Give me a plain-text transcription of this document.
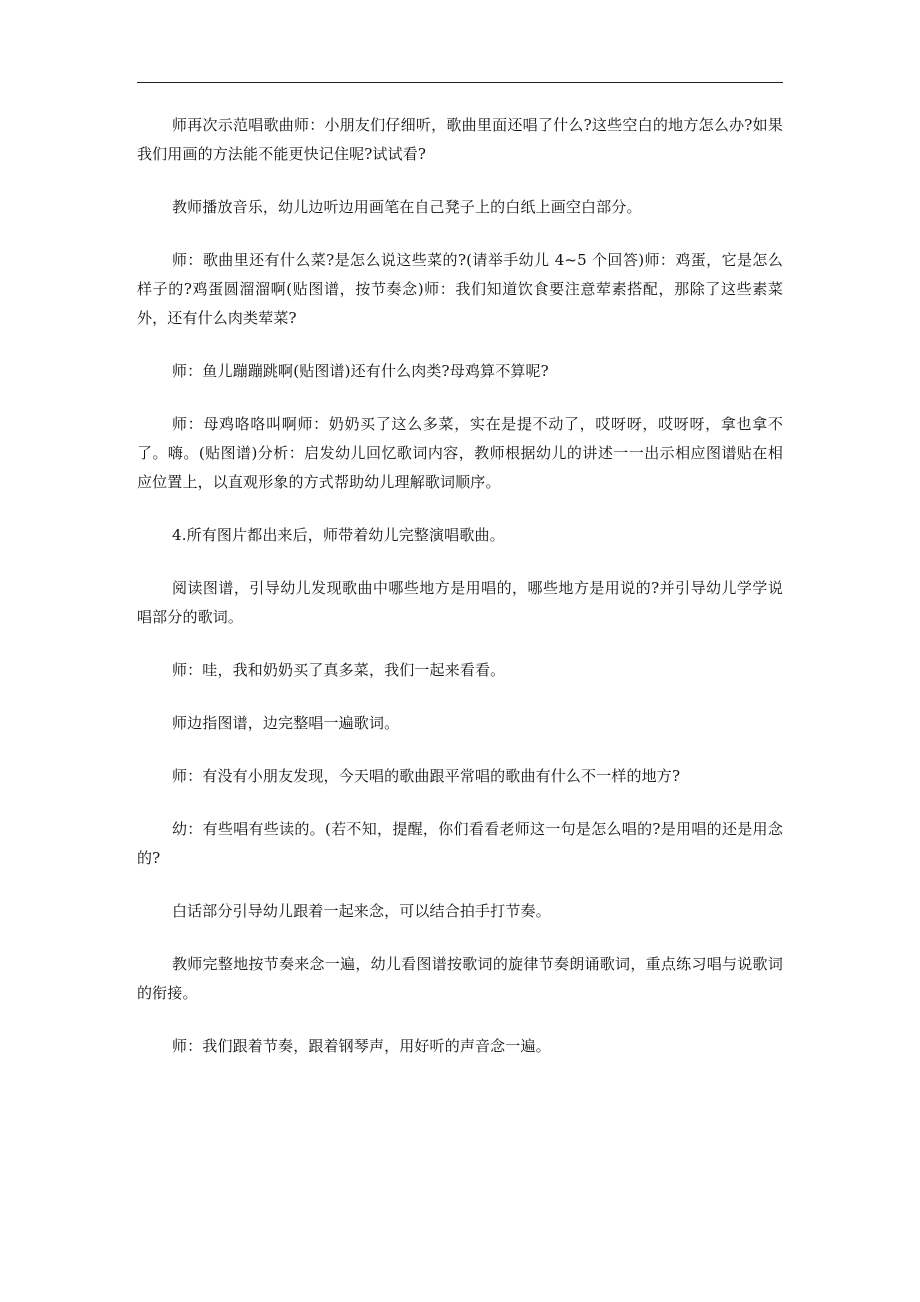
师再次示范唱歌曲师：小朋友们仔细听，歌曲里面还唱了什么?这些空白的地方怎么办?如果我们用画的方法能不能更快记住呢?试试看?

教师播放音乐，幼儿边听边用画笔在自己凳子上的白纸上画空白部分。

师：歌曲里还有什么菜?是怎么说这些菜的?(请举手幼儿 4~5 个回答)师：鸡蛋，它是怎么样子的?鸡蛋圆溜溜啊(贴图谱，按节奏念)师：我们知道饮食要注意荤素搭配，那除了这些素菜外，还有什么肉类荤菜?

师：鱼儿蹦蹦跳啊(贴图谱)还有什么肉类?母鸡算不算呢?

师：母鸡咯咯叫啊师：奶奶买了这么多菜，实在是提不动了，哎呀呀，哎呀呀，拿也拿不了。嗨。(贴图谱)分析：启发幼儿回忆歌词内容，教师根据幼儿的讲述一一出示相应图谱贴在相应位置上，以直观形象的方式帮助幼儿理解歌词顺序。

4.所有图片都出来后，师带着幼儿完整演唱歌曲。

阅读图谱，引导幼儿发现歌曲中哪些地方是用唱的，哪些地方是用说的?并引导幼儿学学说唱部分的歌词。

师：哇，我和奶奶买了真多菜，我们一起来看看。

师边指图谱，边完整唱一遍歌词。

师：有没有小朋友发现，今天唱的歌曲跟平常唱的歌曲有什么不一样的地方?

幼：有些唱有些读的。(若不知，提醒，你们看看老师这一句是怎么唱的?是用唱的还是用念的?

白话部分引导幼儿跟着一起来念，可以结合拍手打节奏。

教师完整地按节奏来念一遍，幼儿看图谱按歌词的旋律节奏朗诵歌词，重点练习唱与说歌词的衔接。

师：我们跟着节奏，跟着钢琴声，用好听的声音念一遍。
